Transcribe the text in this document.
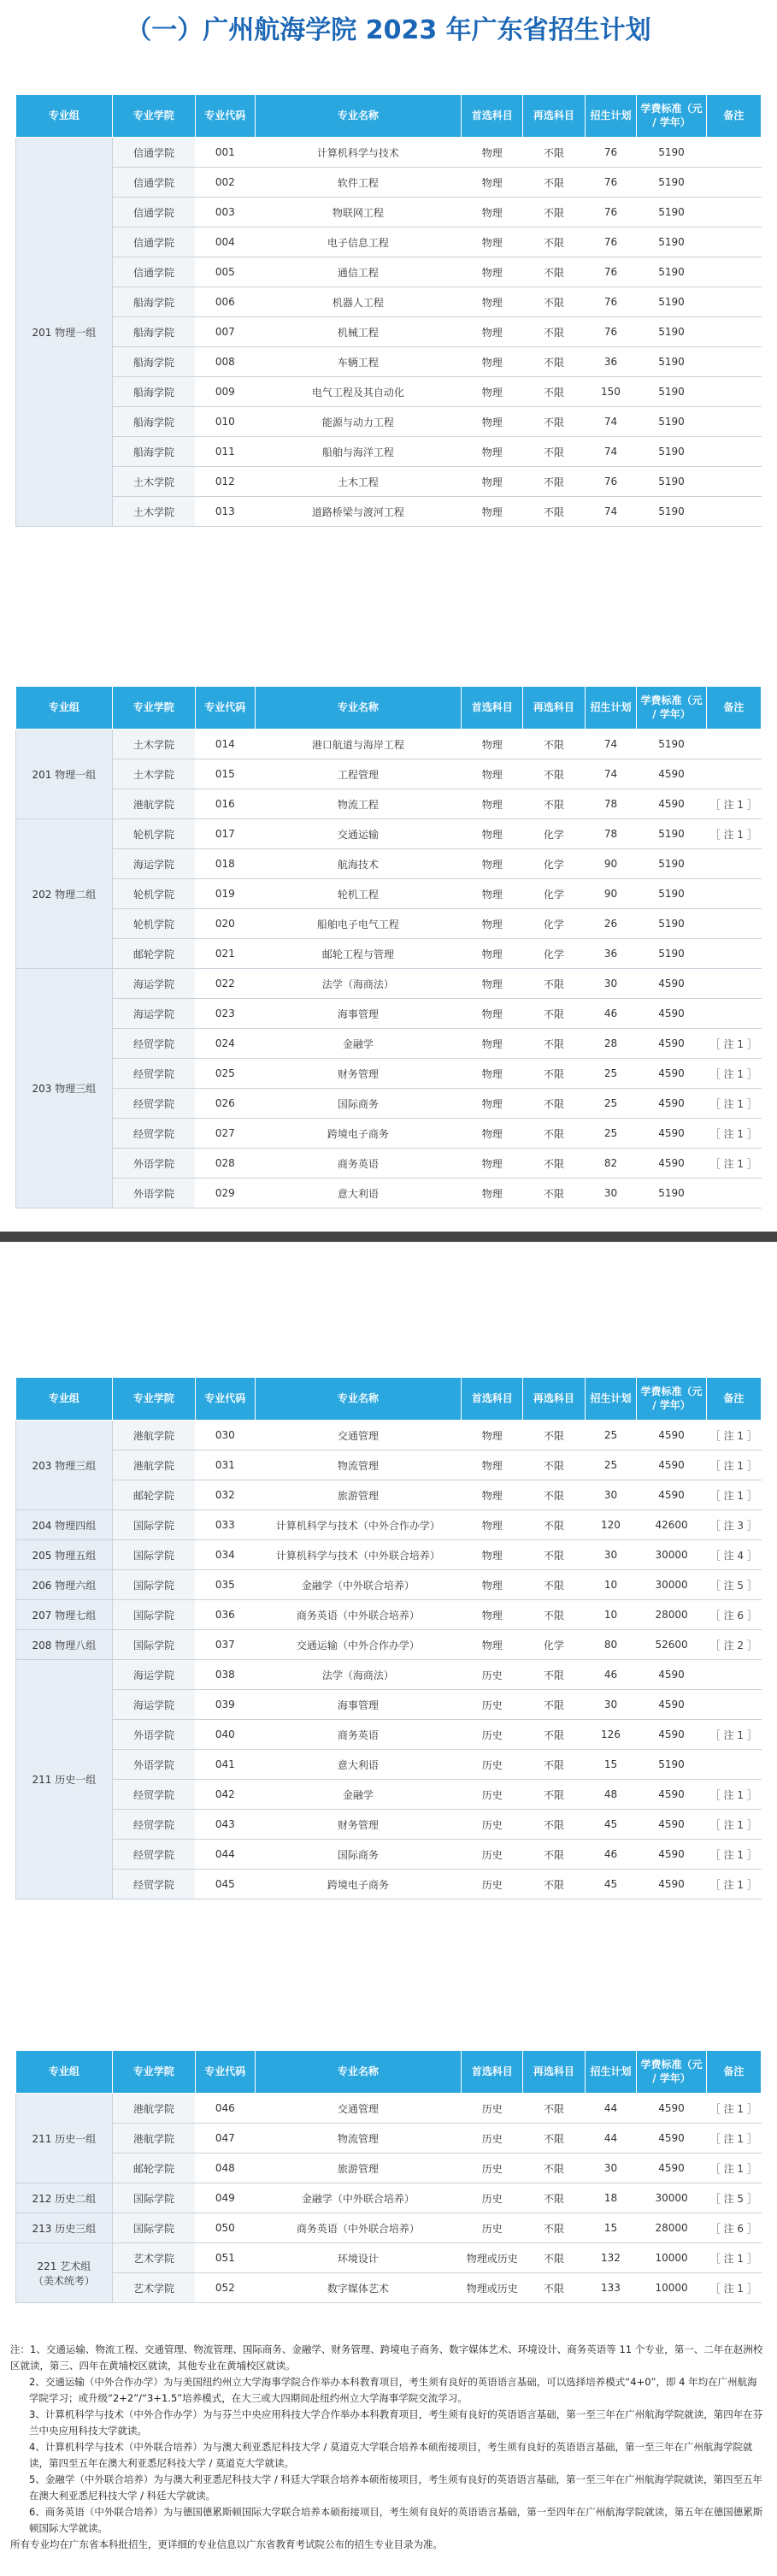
（一）广州航海学院 2023 年广东省招生计划
专业组	专业学院	专业代码	专业名称	首选科目	再选科目	招生计划	学费标准（元 / 学年）	备注
201 物理一组	信通学院	001	计算机科学与技术	物理	不限	76	5190	
	信通学院	002	软件工程	物理	不限	76	5190	
	信通学院	003	物联网工程	物理	不限	76	5190	
	信通学院	004	电子信息工程	物理	不限	76	5190	
	信通学院	005	通信工程	物理	不限	76	5190	
	船海学院	006	机器人工程	物理	不限	76	5190	
	船海学院	007	机械工程	物理	不限	76	5190	
	船海学院	008	车辆工程	物理	不限	36	5190	
	船海学院	009	电气工程及其自动化	物理	不限	150	5190	
	船海学院	010	能源与动力工程	物理	不限	74	5190	
	船海学院	011	船舶与海洋工程	物理	不限	74	5190	
	土木学院	012	土木工程	物理	不限	76	5190	
	土木学院	013	道路桥梁与渡河工程	物理	不限	74	5190	
专业组	专业学院	专业代码	专业名称	首选科目	再选科目	招生计划	学费标准（元 / 学年）	备注
201 物理一组	土木学院	014	港口航道与海岸工程	物理	不限	74	5190	
	土木学院	015	工程管理	物理	不限	74	4590	
	港航学院	016	物流工程	物理	不限	78	4590	［ 注 1 ］
202 物理二组	轮机学院	017	交通运输	物理	化学	78	5190	［ 注 1 ］
	海运学院	018	航海技术	物理	化学	90	5190	
	轮机学院	019	轮机工程	物理	化学	90	5190	
	轮机学院	020	船舶电子电气工程	物理	化学	26	5190	
	邮轮学院	021	邮轮工程与管理	物理	化学	36	5190	
203 物理三组	海运学院	022	法学（海商法）	物理	不限	30	4590	
	海运学院	023	海事管理	物理	不限	46	4590	
	经贸学院	024	金融学	物理	不限	28	4590	［ 注 1 ］
	经贸学院	025	财务管理	物理	不限	25	4590	［ 注 1 ］
	经贸学院	026	国际商务	物理	不限	25	4590	［ 注 1 ］
	经贸学院	027	跨境电子商务	物理	不限	25	4590	［ 注 1 ］
	外语学院	028	商务英语	物理	不限	82	4590	［ 注 1 ］
	外语学院	029	意大利语	物理	不限	30	5190	
专业组	专业学院	专业代码	专业名称	首选科目	再选科目	招生计划	学费标准（元 / 学年）	备注
203 物理三组	港航学院	030	交通管理	物理	不限	25	4590	［ 注 1 ］
	港航学院	031	物流管理	物理	不限	25	4590	［ 注 1 ］
	邮轮学院	032	旅游管理	物理	不限	30	4590	［ 注 1 ］
204 物理四组	国际学院	033	计算机科学与技术（中外合作办学）	物理	不限	120	42600	［ 注 3 ］
205 物理五组	国际学院	034	计算机科学与技术（中外联合培养）	物理	不限	30	30000	［ 注 4 ］
206 物理六组	国际学院	035	金融学（中外联合培养）	物理	不限	10	30000	［ 注 5 ］
207 物理七组	国际学院	036	商务英语（中外联合培养）	物理	不限	10	28000	［ 注 6 ］
208 物理八组	国际学院	037	交通运输（中外合作办学）	物理	化学	80	52600	［ 注 2 ］
211 历史一组	海运学院	038	法学（海商法）	历史	不限	46	4590	
	海运学院	039	海事管理	历史	不限	30	4590	
	外语学院	040	商务英语	历史	不限	126	4590	［ 注 1 ］
	外语学院	041	意大利语	历史	不限	15	5190	
	经贸学院	042	金融学	历史	不限	48	4590	［ 注 1 ］
	经贸学院	043	财务管理	历史	不限	45	4590	［ 注 1 ］
	经贸学院	044	国际商务	历史	不限	46	4590	［ 注 1 ］
	经贸学院	045	跨境电子商务	历史	不限	45	4590	［ 注 1 ］
专业组	专业学院	专业代码	专业名称	首选科目	再选科目	招生计划	学费标准（元 / 学年）	备注
211 历史一组	港航学院	046	交通管理	历史	不限	44	4590	［ 注 1 ］
	港航学院	047	物流管理	历史	不限	44	4590	［ 注 1 ］
	邮轮学院	048	旅游管理	历史	不限	30	4590	［ 注 1 ］
212 历史二组	国际学院	049	金融学（中外联合培养）	历史	不限	18	30000	［ 注 5 ］
213 历史三组	国际学院	050	商务英语（中外联合培养）	历史	不限	15	28000	［ 注 6 ］
221 艺术组
（美术统考）	艺术学院	051	环境设计	物理或历史	不限	132	10000	［ 注 1 ］
	艺术学院	052	数字媒体艺术	物理或历史	不限	133	10000	［ 注 1 ］

注：1、交通运输、物流工程、交通管理、物流管理、国际商务、金融学、财务管理、跨境电子商务、数字媒体艺术、环境设计、商务英语等 11 个专业，第一、二年在赵洲校区就读，第三、四年在黄埔校区就读，其他专业在黄埔校区就读。

2、交通运输（中外合作办学）为与美国纽约州立大学海事学院合作举办本科教育项目，考生须有良好的英语语言基础，可以选择培养模式“4+0”，即 4 年均在广州航海学院学习；或升级“2+2”/“3+1.5”培养模式，在大三或大四期间赴纽约州立大学海事学院交流学习。

3、计算机科学与技术（中外合作办学）为与芬兰中央应用科技大学合作举办本科教育项目，考生须有良好的英语语言基础，第一至三年在广州航海学院就读，第四年在芬兰中央应用科技大学就读。

4、计算机科学与技术（中外联合培养）为与澳大利亚悉尼科技大学 / 莫道克大学联合培养本硕衔接项目，考生须有良好的英语语言基础，第一至三年在广州航海学院就读，第四至五年在澳大利亚悉尼科技大学 / 莫道克大学就读。

5、金融学（中外联合培养）为与澳大利亚悉尼科技大学 / 科廷大学联合培养本硕衔接项目，考生须有良好的英语语言基础，第一至三年在广州航海学院就读，第四至五年在澳大利亚悉尼科技大学 / 科廷大学就读。

6、商务英语（中外联合培养）为与德国德累斯顿国际大学联合培养本硕衔接项目，考生须有良好的英语语言基础，第一至四年在广州航海学院就读，第五年在德国德累斯顿国际大学就读。

所有专业均在广东省本科批招生，更详细的专业信息以广东省教育考试院公布的招生专业目录为准。
